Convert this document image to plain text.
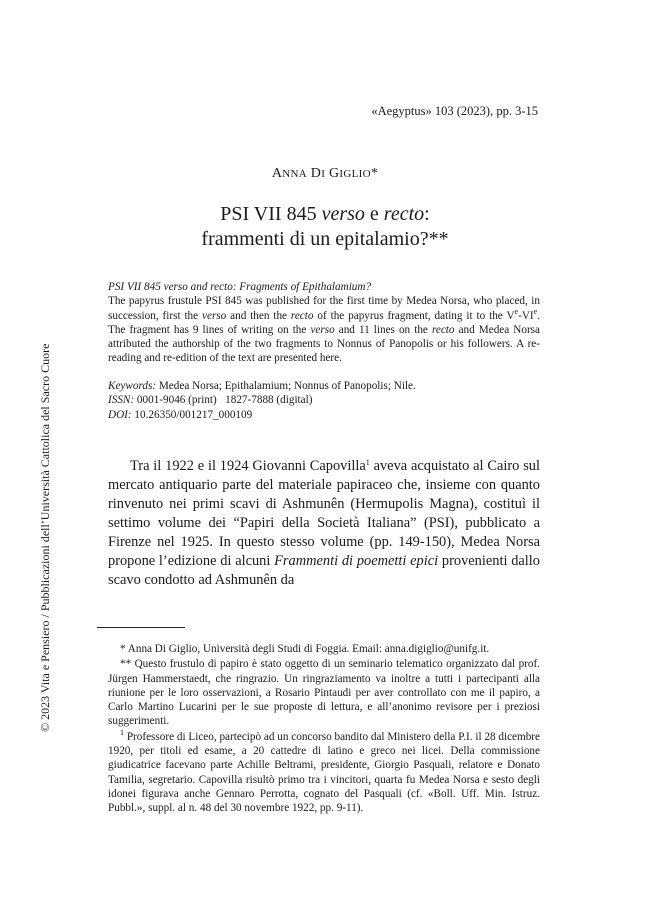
«Aegyptus» 103 (2023), pp. 3-15
ANNA DI GIGLIO*
PSI VII 845 verso e recto:
frammenti di un epitalamio?**

PSI VII 845 verso and recto: Fragments of Epithalamium?

The papyrus frustule PSI 845 was published for the first time by Medea Norsa, who placed, in succession, first the verso and then the recto of the papyrus fragment, dating it to the Ve-VIe. The fragment has 9 lines of writing on the verso and 11 lines on the recto and Medea Norsa attributed the authorship of the two fragments to Nonnus of Panopolis or his followers. A re-reading and re-edition of the text are presented here.

Keywords: Medea Norsa; Epithalamium; Nonnus of Panopolis; Nile.
ISSN: 0001-9046 (print)   1827-7888 (digital)
DOI: 10.26350/001217_000109

Tra il 1922 e il 1924 Giovanni Capovilla$^1$ aveva acquistato al Cairo sul mercato antiquario parte del materiale papiraceo che, insieme con quanto rinvenuto nei primi scavi di Ashmunên (Hermupolis Magna), costituì il settimo volume dei “Papiri della Società Italiana” (PSI), pubblicato a Firenze nel 1925. In questo stesso volume (pp. 149-150), Medea Norsa propone l’edizione di alcuni Frammenti di poemetti epici provenienti dallo scavo condotto ad Ashmunên da

* Anna Di Giglio, Università degli Studi di Foggia. Email: anna.digiglio@unifg.it.

** Questo frustulo di papiro è stato oggetto di un seminario telematico organizzato dal prof. Jürgen Hammerstaedt, che ringrazio. Un ringraziamento va inoltre a tutti i partecipanti alla riunione per le loro osservazioni, a Rosario Pintaudi per aver controllato con me il papiro, a Carlo Martino Lucarini per le sue proposte di lettura, e all’anonimo revisore per i preziosi suggerimenti.

$^1$ Professore di Liceo, partecipò ad un concorso bandito dal Ministero della P.I. il 28 dicembre 1920, per titoli ed esame, a 20 cattedre di latino e greco nei licei. Della commissione giudicatrice facevano parte Achille Beltrami, presidente, Giorgio Pasquali, relatore e Donato Tamilia, segretario. Capovilla risultò primo tra i vincitori, quarta fu Medea Norsa e sesto degli idonei figurava anche Gennaro Perrotta, cognato del Pasquali (cf. «Boll. Uff. Min. Istruz. Pubbl.», suppl. al n. 48 del 30 novembre 1922, pp. 9-11).

© 2023 Vita e Pensiero / Pubblicazioni dell’Università Cattolica del Sacro Cuore
